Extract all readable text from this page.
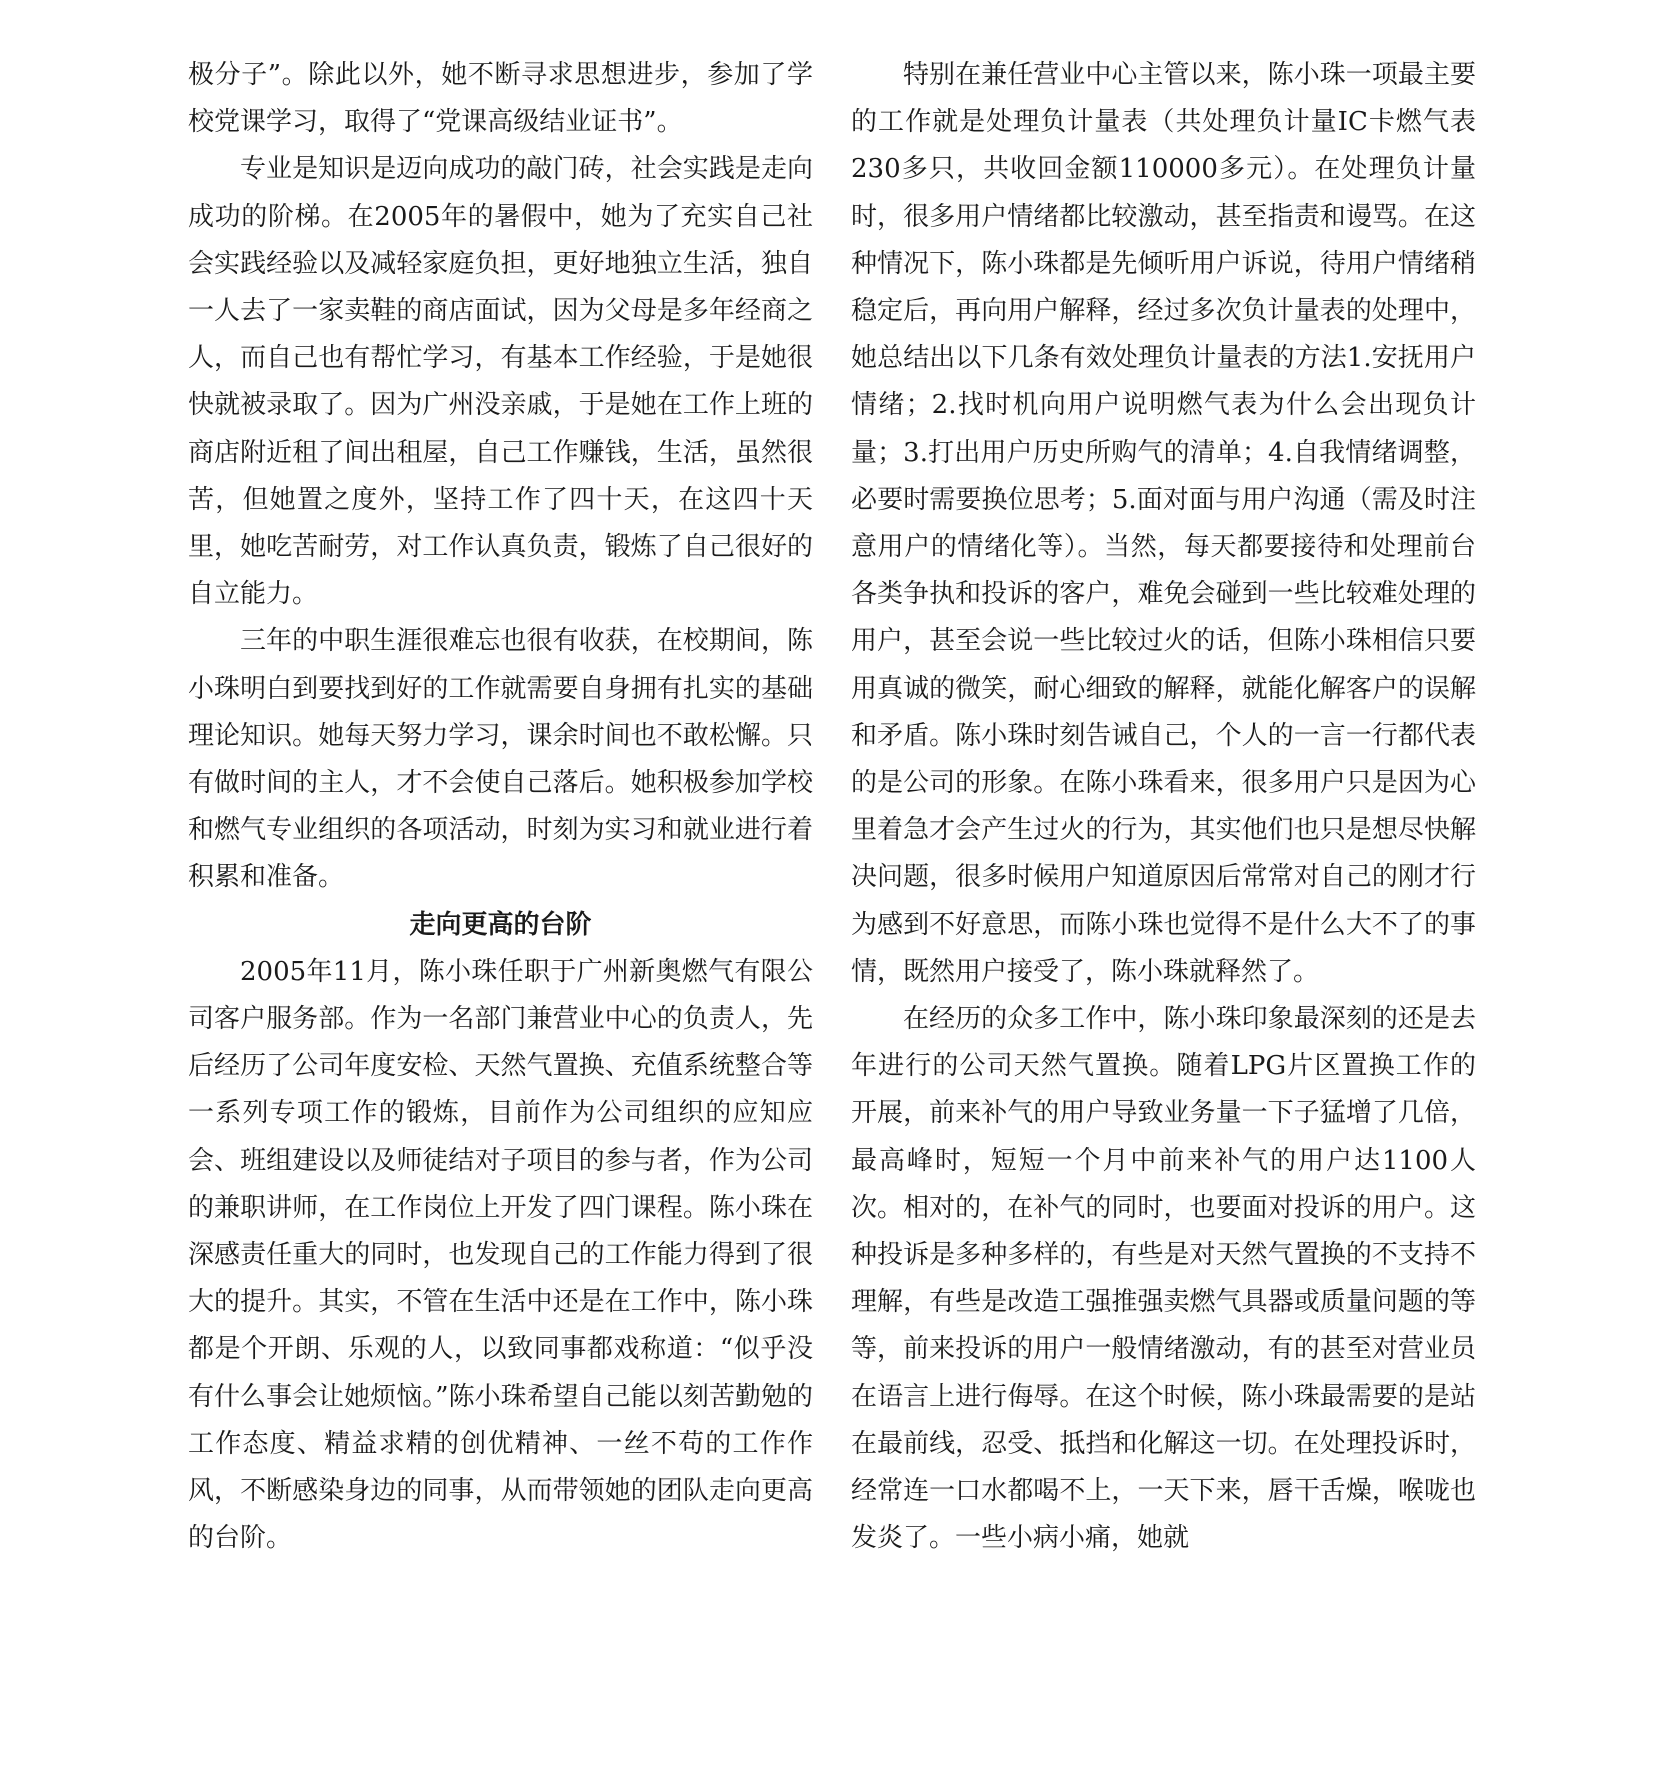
极分子”。除此以外，她不断寻求思想进步，参加了学校党课学习，取得了“党课高级结业证书”。

专业是知识是迈向成功的敲门砖，社会实践是走向成功的阶梯。在2005年的暑假中，她为了充实自己社会实践经验以及减轻家庭负担，更好地独立生活，独自一人去了一家卖鞋的商店面试，因为父母是多年经商之人，而自己也有帮忙学习，有基本工作经验，于是她很快就被录取了。因为广州没亲戚，于是她在工作上班的商店附近租了间出租屋，自己工作赚钱，生活，虽然很苦，但她置之度外，坚持工作了四十天，在这四十天里，她吃苦耐劳，对工作认真负责，锻炼了自己很好的自立能力。

三年的中职生涯很难忘也很有收获，在校期间，陈小珠明白到要找到好的工作就需要自身拥有扎实的基础理论知识。她每天努力学习，课余时间也不敢松懈。只有做时间的主人，才不会使自己落后。她积极参加学校和燃气专业组织的各项活动，时刻为实习和就业进行着积累和准备。

走向更高的台阶

2005年11月，陈小珠任职于广州新奥燃气有限公司客户服务部。作为一名部门兼营业中心的负责人，先后经历了公司年度安检、天然气置换、充值系统整合等一系列专项工作的锻炼，目前作为公司组织的应知应会、班组建设以及师徒结对子项目的参与者，作为公司的兼职讲师，在工作岗位上开发了四门课程。陈小珠在深感责任重大的同时，也发现自己的工作能力得到了很大的提升。其实，不管在生活中还是在工作中，陈小珠都是个开朗、乐观的人，以致同事都戏称道：“似乎没有什么事会让她烦恼。”陈小珠希望自己能以刻苦勤勉的工作态度、精益求精的创优精神、一丝不苟的工作作风，不断感染身边的同事，从而带领她的团队走向更高的台阶。

特别在兼任营业中心主管以来，陈小珠一项最主要的工作就是处理负计量表（共处理负计量IC卡燃气表230多只，共收回金额110000多元）。在处理负计量时，很多用户情绪都比较激动，甚至指责和谩骂。在这种情况下，陈小珠都是先倾听用户诉说，待用户情绪稍稳定后，再向用户解释，经过多次负计量表的处理中，她总结出以下几条有效处理负计量表的方法1.安抚用户情绪；2.找时机向用户说明燃气表为什么会出现负计量；3.打出用户历史所购气的清单；4.自我情绪调整，必要时需要换位思考；5.面对面与用户沟通（需及时注意用户的情绪化等）。当然，每天都要接待和处理前台各类争执和投诉的客户，难免会碰到一些比较难处理的用户，甚至会说一些比较过火的话，但陈小珠相信只要用真诚的微笑，耐心细致的解释，就能化解客户的误解和矛盾。陈小珠时刻告诫自己，个人的一言一行都代表的是公司的形象。在陈小珠看来，很多用户只是因为心里着急才会产生过火的行为，其实他们也只是想尽快解决问题，很多时候用户知道原因后常常对自己的刚才行为感到不好意思，而陈小珠也觉得不是什么大不了的事情，既然用户接受了，陈小珠就释然了。

在经历的众多工作中，陈小珠印象最深刻的还是去年进行的公司天然气置换。随着LPG片区置换工作的开展，前来补气的用户导致业务量一下子猛增了几倍，最高峰时，短短一个月中前来补气的用户达1100人次。相对的，在补气的同时，也要面对投诉的用户。这种投诉是多种多样的，有些是对天然气置换的不支持不理解，有些是改造工强推强卖燃气具器或质量问题的等等，前来投诉的用户一般情绪激动，有的甚至对营业员在语言上进行侮辱。在这个时候，陈小珠最需要的是站在最前线，忍受、抵挡和化解这一切。在处理投诉时，经常连一口水都喝不上，一天下来，唇干舌燥，喉咙也发炎了。一些小病小痛，她就
